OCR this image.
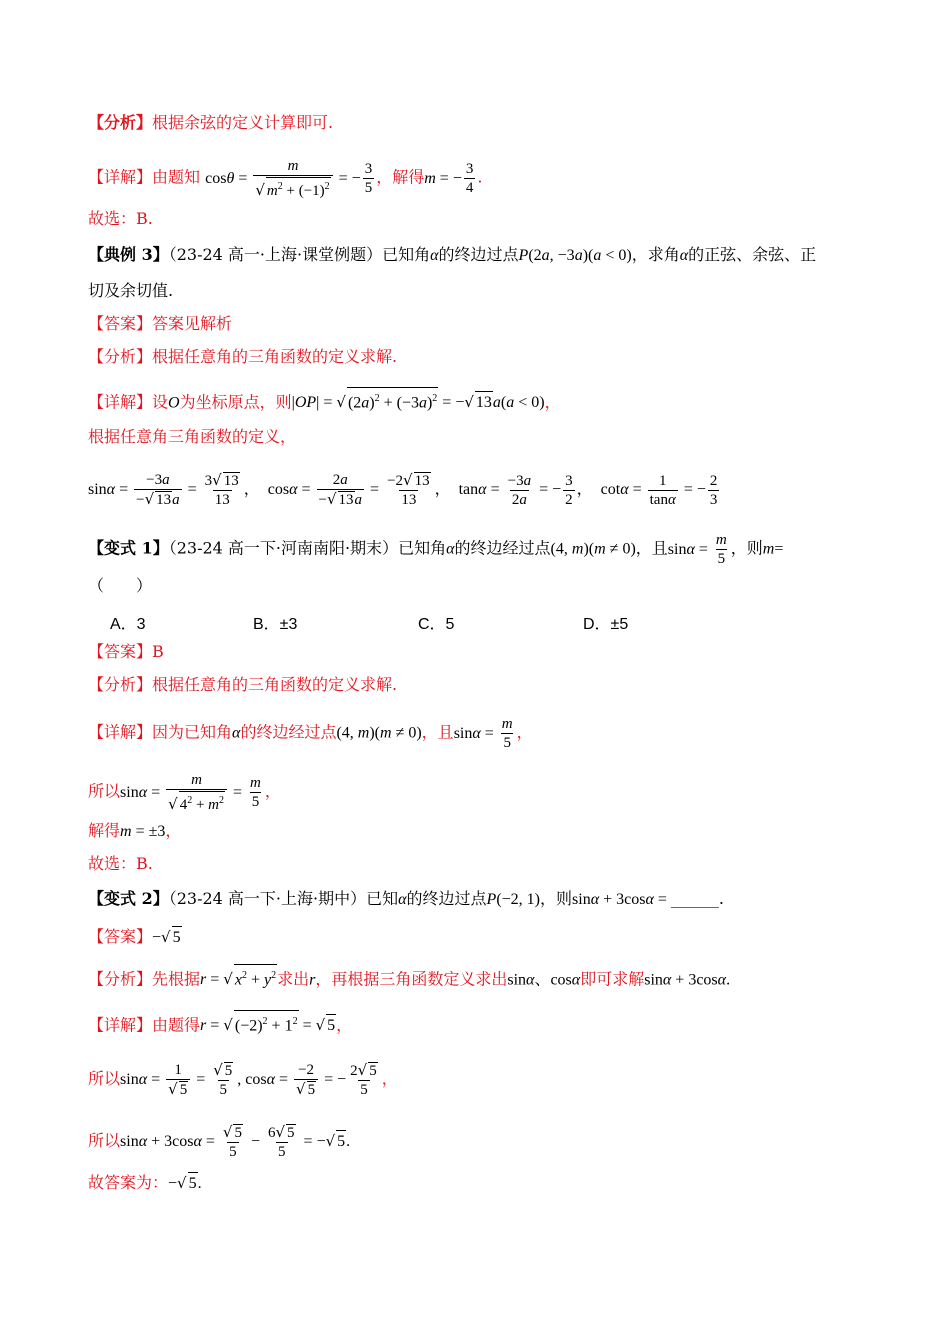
【分析】根据余弦的定义计算即可.
【详解】由题知 $\cos\theta = \frac{m}{√ m^2 + (-1)^2}$ = − $\frac{3}{5}$ ，解得m = − $\frac{3}{4}$ .
故选：B.
【典例 3】（23-24 高一·上海·课堂例题）已知角α的终边过点P(2a, −3a)(a < 0)，求角α的正弦、余弦、正
切及余切值.
【答案】答案见解析
【分析】根据任意角的三角函数的定义求解.
【详解】设O为坐标原点，则|OP| = √ $(2a)^2 + (-3a)^2$ = −√ 13a(a < 0)，
根据任意角三角函数的定义，
$\sin\alpha = \frac{-3a}{-√ 13a} = \frac{3√ 13}{13}$ ，  $\cos\alpha = \frac{2a}{-√ 13a} = \frac{-2√ 13}{13}$ ，  $\tan\alpha = \frac{-3a}{2a}$ = − $\frac{3}{2}$ ，  $\cot\alpha = \frac{1}{\tan\alpha}$ = − $\frac{2}{3}$
【变式 1】（23-24 高一下·河南南阳·期末）已知角α的终边经过点(4, m)(m ≠ 0)，且$\sin\alpha = \frac{m}{5}$ ，则m=
（　　）
A．3	B．±3	C．5	D．±5
【答案】B
【分析】根据任意角的三角函数的定义求解.
【详解】因为已知角α的终边经过点(4, m)(m ≠ 0)，且$\sin\alpha = \frac{m}{5}$ ，
所以$\sin\alpha = \frac{m}{√ 4^2 + m^2} = \frac{m}{5}$ ，
解得m = ±3，
故选：B.
【变式 2】（23-24 高一下·上海·期中）已知α的终边过点P(−2, 1)，则sinα + 3cosα = ______.
【答案】−√ 5
【分析】先根据r = √ $x^2 + y^2$求出r，再根据三角函数定义求出sinα、cosα即可求解sinα + 3cosα.
【详解】由题得r = √ $(-2)^2 + 1^2$ = √ 5，
所以$\sin\alpha = \frac{1}{√ 5} = \frac{√ 5}{5}$ , $\cos\alpha = \frac{-2}{√ 5}$ = − $\frac{2√ 5}{5}$ ，
所以$\sin\alpha + 3\cos\alpha = \frac{√ 5}{5} - \frac{6√ 5}{5}$ = −√ 5.
故答案为：−√ 5.
